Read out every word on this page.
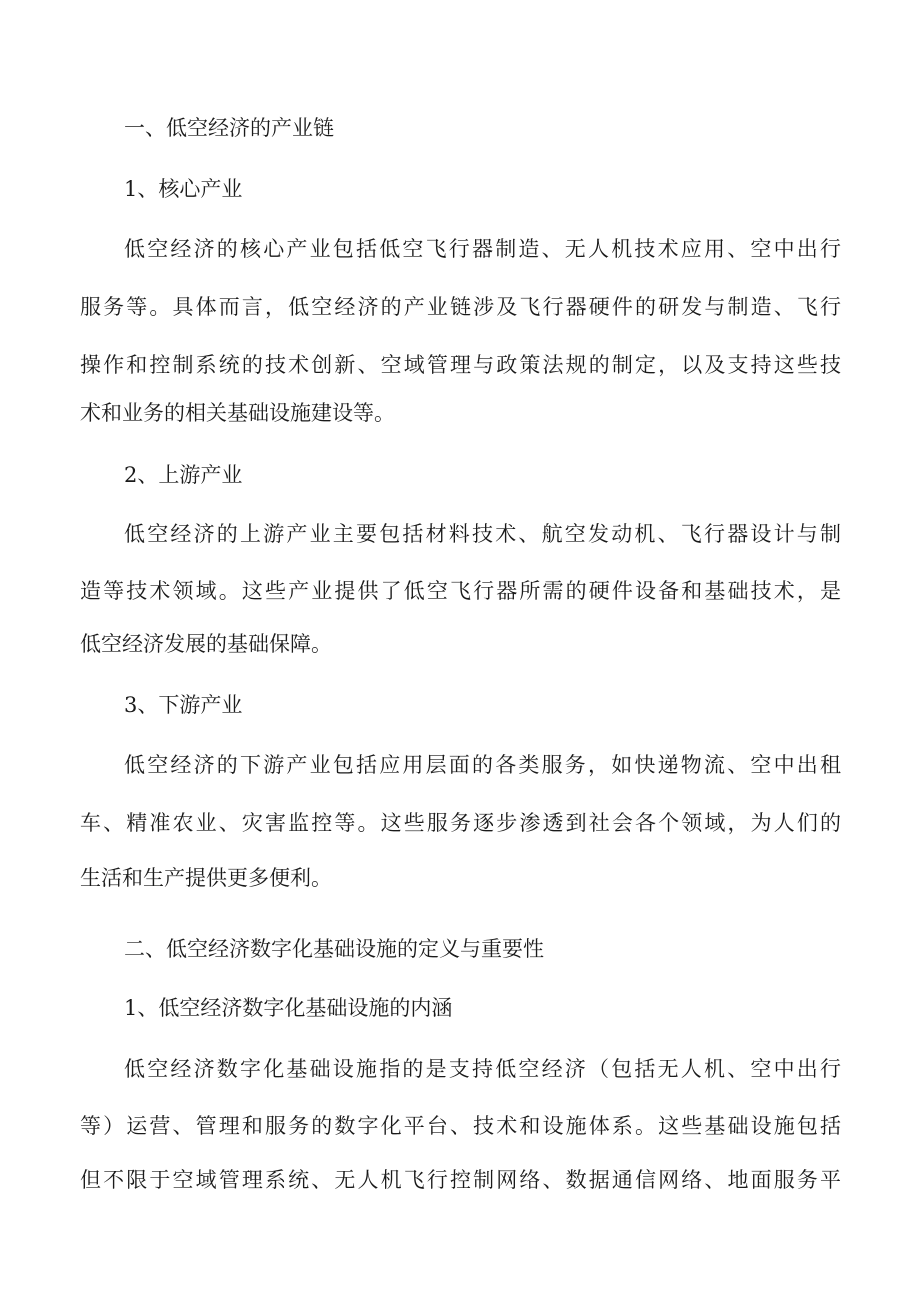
一、低空经济的产业链
1、核心产业
低空经济的核心产业包括低空飞行器制造、无人机技术应用、空中出行
服务等。具体而言，低空经济的产业链涉及飞行器硬件的研发与制造、飞行
操作和控制系统的技术创新、空域管理与政策法规的制定，以及支持这些技
术和业务的相关基础设施建设等。
2、上游产业
低空经济的上游产业主要包括材料技术、航空发动机、飞行器设计与制
造等技术领域。这些产业提供了低空飞行器所需的硬件设备和基础技术，是
低空经济发展的基础保障。
3、下游产业
低空经济的下游产业包括应用层面的各类服务，如快递物流、空中出租
车、精准农业、灾害监控等。这些服务逐步渗透到社会各个领域，为人们的
生活和生产提供更多便利。
二、低空经济数字化基础设施的定义与重要性
1、低空经济数字化基础设施的内涵
低空经济数字化基础设施指的是支持低空经济（包括无人机、空中出行
等）运营、管理和服务的数字化平台、技术和设施体系。这些基础设施包括
但不限于空域管理系统、无人机飞行控制网络、数据通信网络、地面服务平
